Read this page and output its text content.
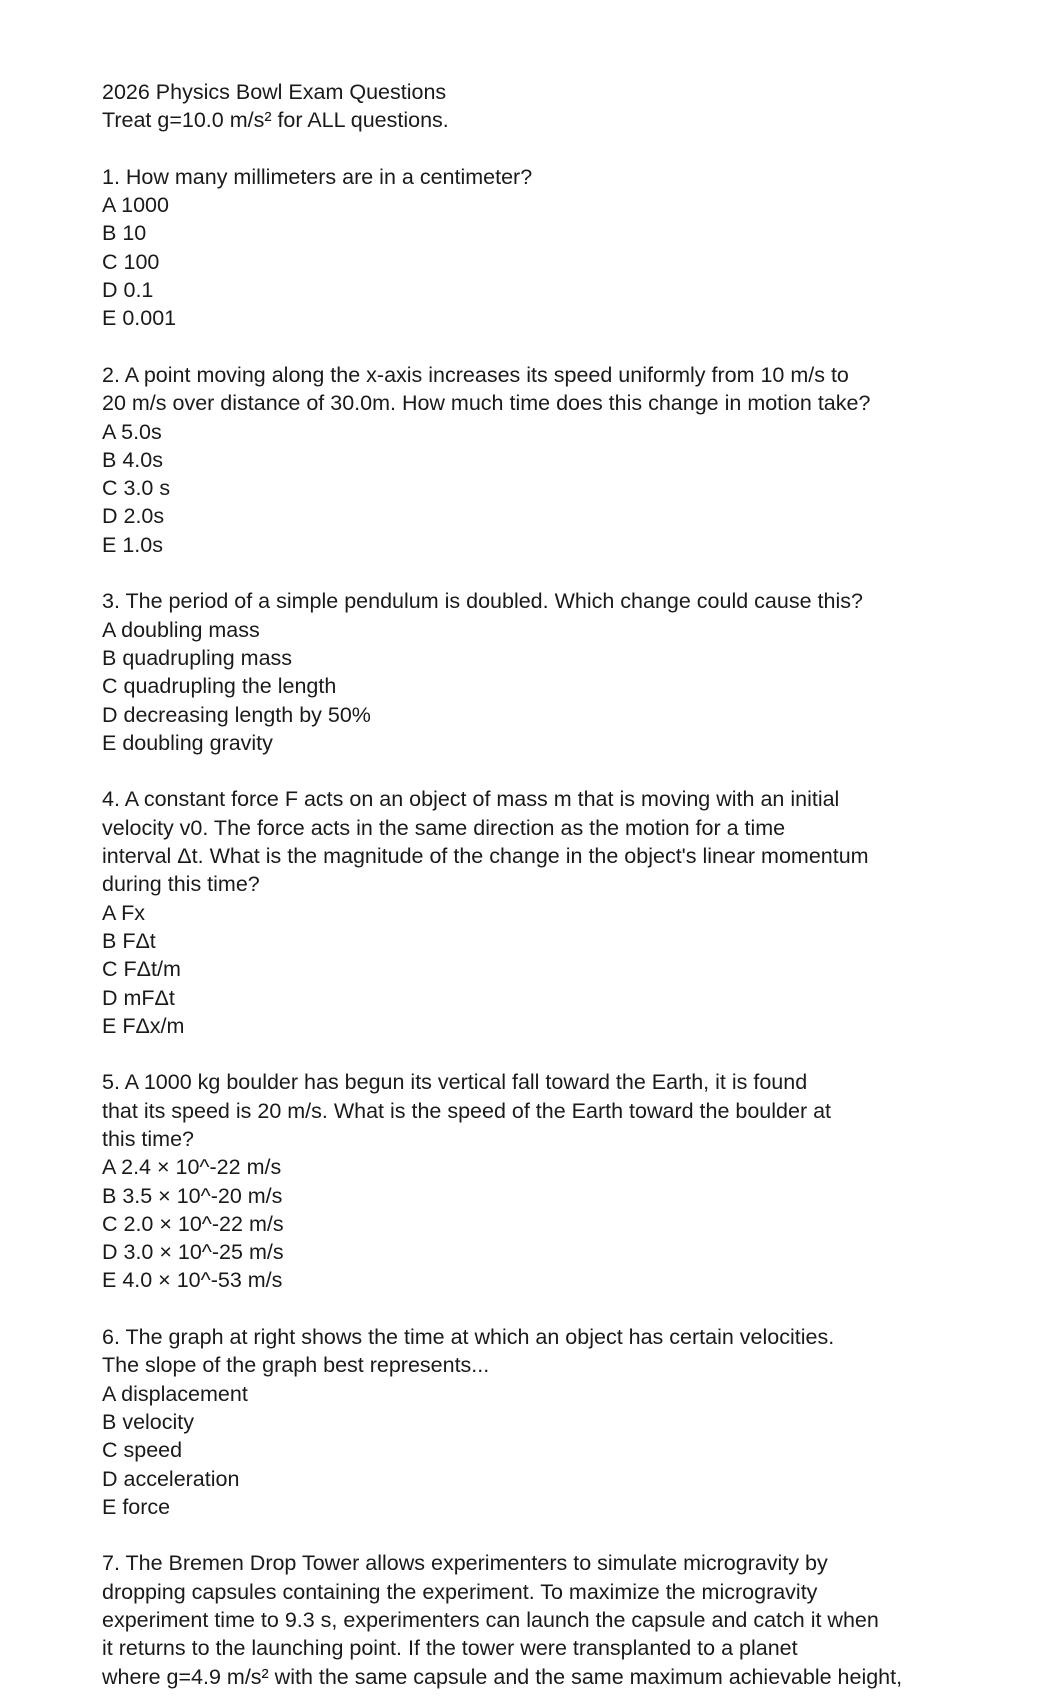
2026 Physics Bowl Exam Questions
Treat g=10.0 m/s² for ALL questions.
1. How many millimeters are in a centimeter?
A 1000
B 10
C 100
D 0.1
E 0.001
2. A point moving along the x-axis increases its speed uniformly from 10 m/s to
20 m/s over distance of 30.0m. How much time does this change in motion take?
A 5.0s
B 4.0s
C 3.0 s
D 2.0s
E 1.0s
3. The period of a simple pendulum is doubled. Which change could cause this?
A doubling mass
B quadrupling mass
C quadrupling the length
D decreasing length by 50%
E doubling gravity
4. A constant force F acts on an object of mass m that is moving with an initial
velocity v0. The force acts in the same direction as the motion for a time
interval Δt. What is the magnitude of the change in the object's linear momentum
during this time?
A Fx
B FΔt
C FΔt/m
D mFΔt
E FΔx/m
5. A 1000 kg boulder has begun its vertical fall toward the Earth, it is found
that its speed is 20 m/s. What is the speed of the Earth toward the boulder at
this time?
A 2.4 × 10^-22 m/s
B 3.5 × 10^-20 m/s
C 2.0 × 10^-22 m/s
D 3.0 × 10^-25 m/s
E 4.0 × 10^-53 m/s
6. The graph at right shows the time at which an object has certain velocities.
The slope of the graph best represents...
A displacement
B velocity
C speed
D acceleration
E force
7. The Bremen Drop Tower allows experimenters to simulate microgravity by
dropping capsules containing the experiment. To maximize the microgravity
experiment time to 9.3 s, experimenters can launch the capsule and catch it when
it returns to the launching point. If the tower were transplanted to a planet
where g=4.9 m/s² with the same capsule and the same maximum achievable height,
